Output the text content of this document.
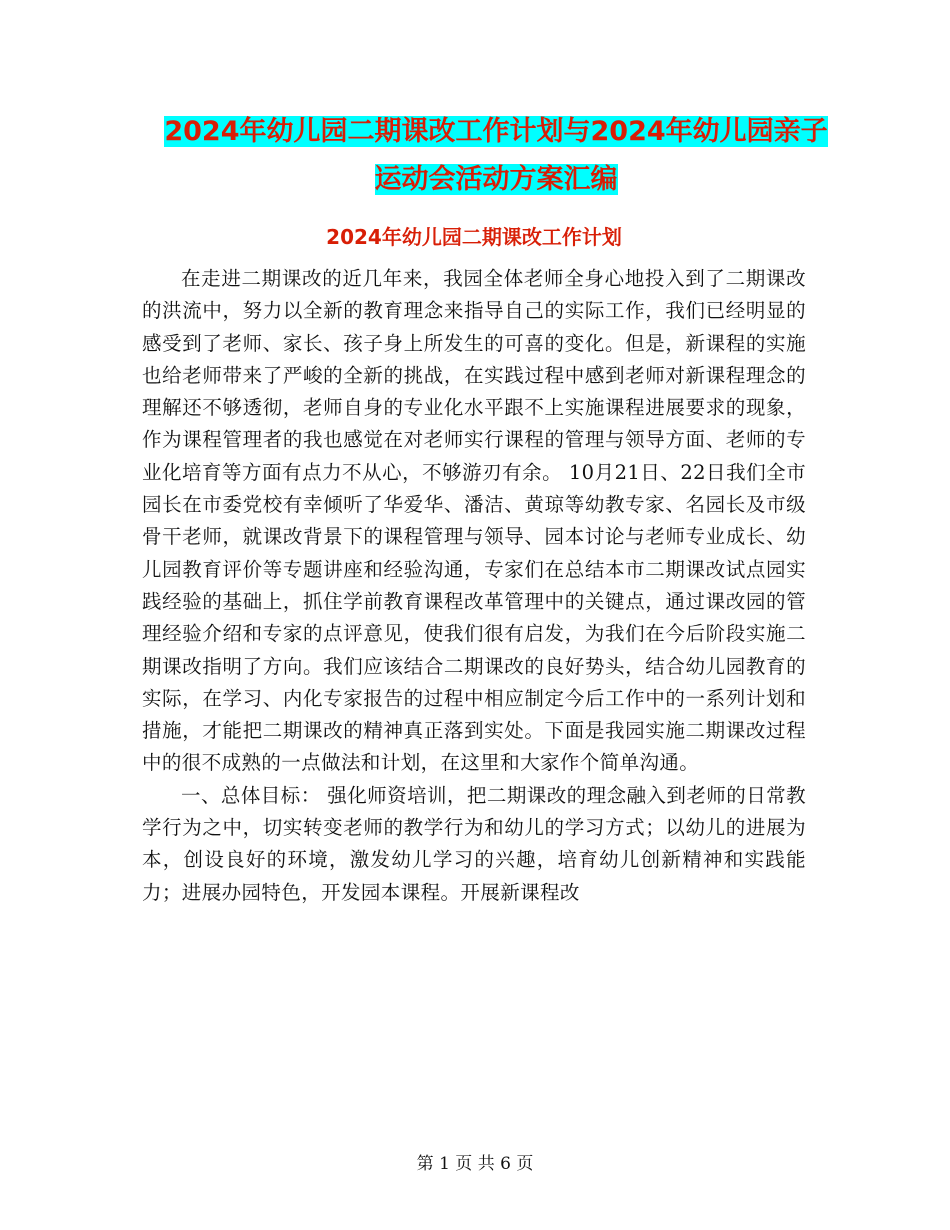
2024年幼儿园二期课改工作计划与2024年幼儿园亲子
运动会活动方案汇编
2024年幼儿园二期课改工作计划

在走进二期课改的近几年来，我园全体老师全身心地投入到了二期课改的洪流中，努力以全新的教育理念来指导自己的实际工作，我们已经明显的感受到了老师、家长、孩子身上所发生的可喜的变化。但是，新课程的实施也给老师带来了严峻的全新的挑战，在实践过程中感到老师对新课程理念的理解还不够透彻，老师自身的专业化水平跟不上实施课程进展要求的现象，作为课程管理者的我也感觉在对老师实行课程的管理与领导方面、老师的专业化培育等方面有点力不从心，不够游刃有余。 10月21日、22日我们全市园长在市委党校有幸倾听了华爱华、潘洁、黄琼等幼教专家、名园长及市级骨干老师，就课改背景下的课程管理与领导、园本讨论与老师专业成长、幼儿园教育评价等专题讲座和经验沟通，专家们在总结本市二期课改试点园实践经验的基础上，抓住学前教育课程改革管理中的关键点，通过课改园的管理经验介绍和专家的点评意见，使我们很有启发，为我们在今后阶段实施二期课改指明了方向。我们应该结合二期课改的良好势头，结合幼儿园教育的实际，在学习、内化专家报告的过程中相应制定今后工作中的一系列计划和措施，才能把二期课改的精神真正落到实处。下面是我园实施二期课改过程中的很不成熟的一点做法和计划，在这里和大家作个简单沟通。

一、总体目标： 强化师资培训，把二期课改的理念融入到老师的日常教学行为之中，切实转变老师的教学行为和幼儿的学习方式；以幼儿的进展为本，创设良好的环境，激发幼儿学习的兴趣，培育幼儿创新精神和实践能力；进展办园特色，开发园本课程。开展新课程改

第 1 页 共 6 页
